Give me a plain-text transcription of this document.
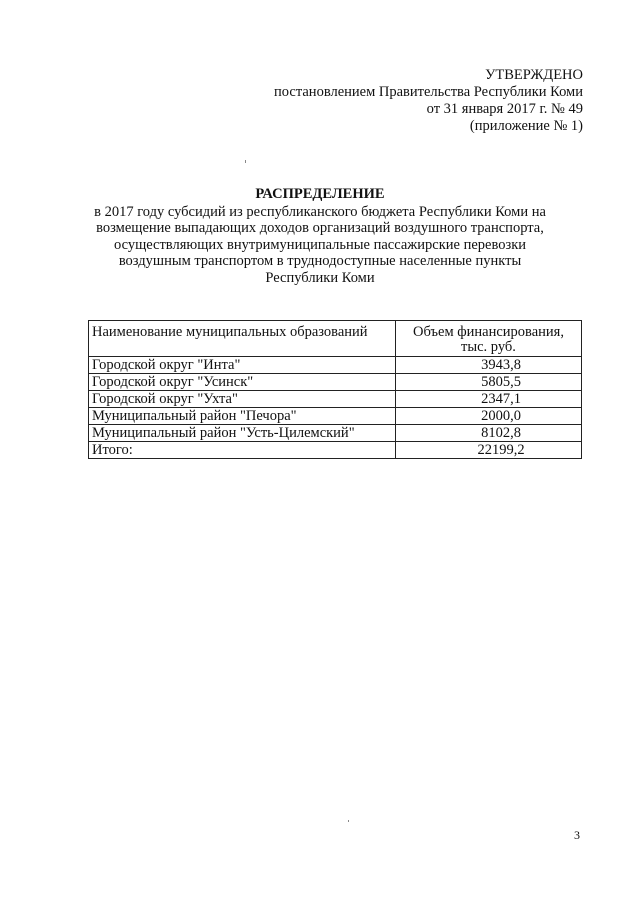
УТВЕРЖДЕНО
постановлением Правительства Республики Коми
от 31 января 2017 г. № 49
(приложение № 1)
РАСПРЕДЕЛЕНИЕ
в 2017 году субсидий из республиканского бюджета Республики Коми на
возмещение выпадающих доходов организаций воздушного транспорта,
осуществляющих внутримуниципальные пассажирские перевозки
воздушным транспортом в труднодоступные населенные пункты
Республики Коми
Наименование муниципальных образований	Объем финансирования,
тыс. руб.

Городской округ "Инта"	3943,8
Городской округ "Усинск"	5805,5
Городской округ "Ухта"	2347,1
Муниципальный район "Печора"	2000,0
Муниципальный район "Усть-Цилемский"	8102,8
Итого:	22199,2
3
